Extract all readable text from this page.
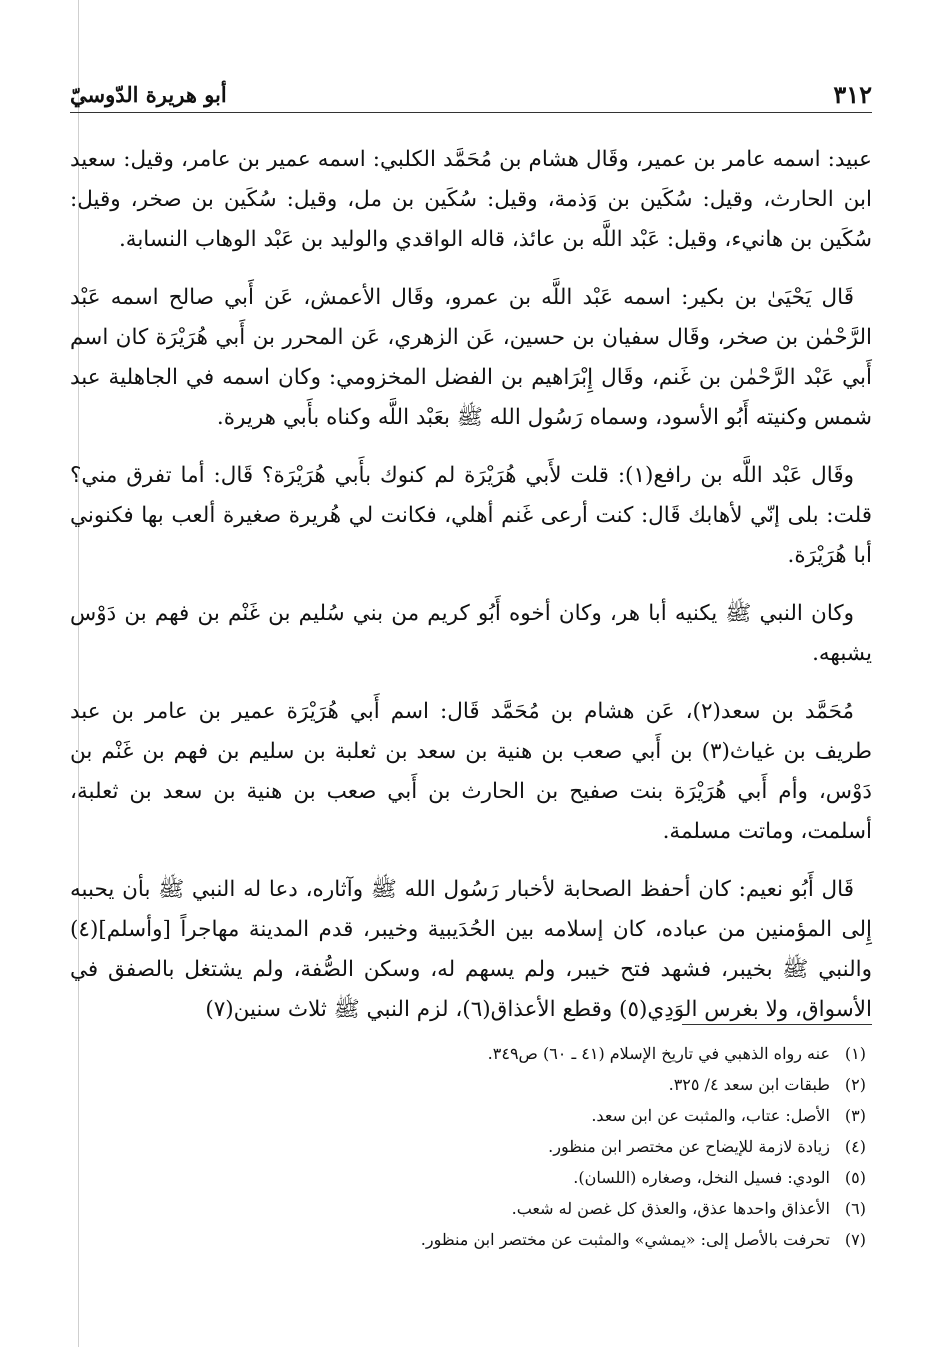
٣١٢
أبو هريرة الدّوسيّ

عبيد: اسمه عامر بن عمير، وقَال هشام بن مُحَمَّد الكلبي: اسمه عمير بن عامر، وقيل: سعيد ابن الحارث، وقيل: سُكَين بن وَذمة، وقيل: سُكَين بن مل، وقيل: سُكَين بن صخر، وقيل: سُكَين بن هانيء، وقيل: عَبْد اللَّه بن عائذ، قاله الواقدي والوليد بن عَبْد الوهاب النسابة.

قَال يَحْيَىٰ بن بكير: اسمه عَبْد اللَّه بن عمرو، وقَال الأعمش، عَن أَبي صالح اسمه عَبْد الرَّحْمٰن بن صخر، وقَال سفيان بن حسين، عَن الزهري، عَن المحرر بن أَبي هُرَيْرَة كان اسم أَبي عَبْد الرَّحْمٰن بن غَنم، وقَال إِبْرَاهيم بن الفضل المخزومي: وكان اسمه في الجاهلية عبد شمس وكنيته أَبُو الأسود، وسماه رَسُول الله ﷺ بعَبْد اللَّه وكناه بأَبي هريرة.

وقَال عَبْد اللَّه بن رافع(١): قلت لأَبي هُرَيْرَة لم كنوك بأَبي هُرَيْرَة؟ قَال: أما تفرق مني؟ قلت: بلى إنّي لأهابك قَال: كنت أرعى غَنم أهلي، فكانت لي هُريرة صغيرة ألعب بها فكنوني أبا هُرَيْرَة.

وكان النبي ﷺ يكنيه أبا هر، وكان أخوه أَبُو كريم من بني سُليم بن غَنْم بن فهم بن دَوْس يشبهه.

مُحَمَّد بن سعد(٢)، عَن هشام بن مُحَمَّد قَال: اسم أَبي هُرَيْرَة عمير بن عامر بن عبد طريف بن غياث(٣) بن أَبي صعب بن هنية بن سعد بن ثعلبة بن سليم بن فهم بن غَنْم بن دَوْس، وأم أَبي هُرَيْرَة بنت صفيح بن الحارث بن أَبي صعب بن هنية بن سعد بن ثعلبة، أسلمت، وماتت مسلمة.

قَال أَبُو نعيم: كان أحفظ الصحابة لأخبار رَسُول الله ﷺ وآثاره، دعا له النبي ﷺ بأن يحببه إِلى المؤمنين من عباده، كان إسلامه بين الحُدَيبية وخيبر، قدم المدينة مهاجراً [وأسلم](٤) والنبي ﷺ بخيبر، فشهد فتح خيبر، ولم يسهم له، وسكن الصُّفة، ولم يشتغل بالصفق في الأسواق، ولا بغرس الوَدِي(٥) وقطع الأعذاق(٦)، لزم النبي ﷺ ثلاث سنين(٧)

(١)
عنه رواه الذهبي في تاريخ الإسلام (٤١ ـ ٦٠) ص٣٤٩.
(٢)
طبقات ابن سعد ٤/ ٣٢٥.
(٣)
الأصل: عتاب، والمثبت عن ابن سعد.
(٤)
زيادة لازمة للإيضاح عن مختصر ابن منظور.
(٥)
الودي: فسيل النخل، وصغاره (اللسان).
(٦)
الأعذاق واحدها عذق، والعذق كل غصن له شعب.
(٧)
تحرفت بالأصل إلى: «يمشي» والمثبت عن مختصر ابن منظور.
